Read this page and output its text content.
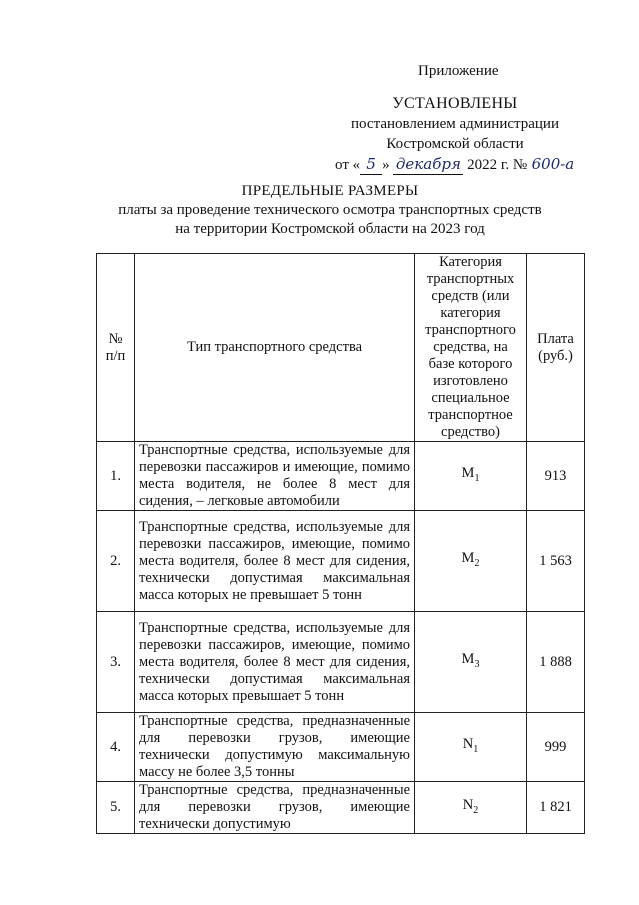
Приложение
УСТАНОВЛЕНЫ
постановлением администрации
Костромской области
от « 5 » декабря 2022 г. № 600-а
ПРЕДЕЛЬНЫЕ РАЗМЕРЫ
платы за проведение технического осмотра транспортных средств
на территории Костромской области на 2023 год
№ п/п	Тип транспортного средства	Категория транспортных средств (или категория транспортного средства, на базе которого изготовлено специальное транспортное средство)	Плата (руб.)
1.	Транспортные средства, используемые для перевозки пассажиров и имеющие, помимо места водителя, не более 8 мест для сидения, – легковые автомобили	$M_1$	913
2.	Транспортные средства, используемые для перевозки пассажиров, имеющие, помимо места водителя, более 8 мест для сидения, технически допустимая максимальная масса которых не превышает 5 тонн	$M_2$	1 563
3.	Транспортные средства, используемые для перевозки пассажиров, имеющие, помимо места водителя, более 8 мест для сидения, технически допустимая максимальная масса которых превышает 5 тонн	$M_3$	1 888
4.	Транспортные средства, предназначенные для перевозки грузов, имеющие технически допустимую максимальную массу не более 3,5 тонны	$N_1$	999
5.	Транспортные средства, предназначенные для перевозки грузов, имеющие технически допустимую	$N_2$	1 821
